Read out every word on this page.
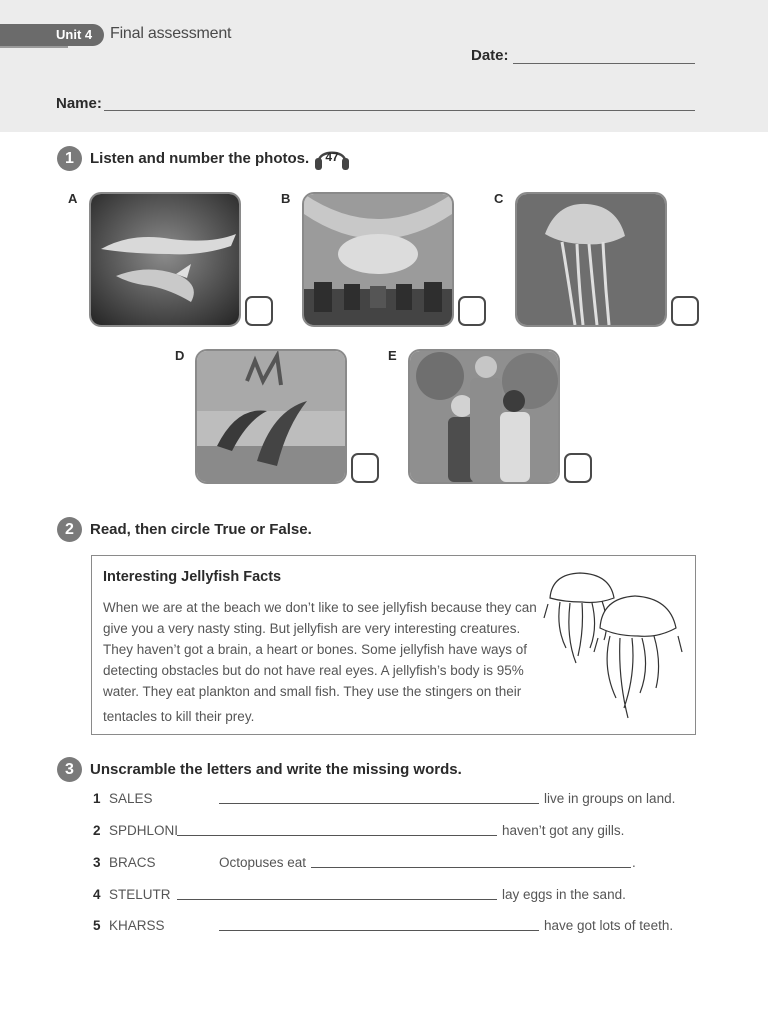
Unit 4 Final assessment
Date:
Name:
1	Listen and number the photos.	47
A	B	C
D	E
2	Read, then circle True or False.
Interesting Jellyfish Facts
When we are at the beach we don’t like to see jellyfish because they can
give you a very nasty sting. But jellyfish are very interesting creatures.
They haven’t got a brain, a heart or bones. Some jellyfish have ways of
detecting obstacles but do not have real eyes. A jellyfish’s body is 95%
water. They eat plankton and small fish. They use the stingers on their
tentacles to kill their prey.
3	Unscramble the letters and write the missing words.
1 SALES	live in groups on land.
2 SPDHLONI	haven’t got any gills.
3 BRACS	Octopuses eat	.
4 STELUTR	lay eggs in the sand.
5 KHARSS	have got lots of teeth.
